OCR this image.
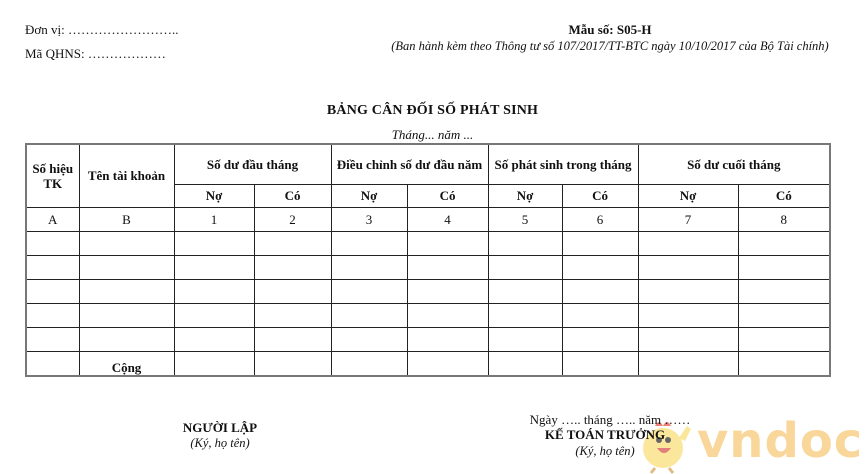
Đơn vị: ……………………..
Mã QHNS: ………………
Mẫu số: S05-H
(Ban hành kèm theo Thông tư số 107/2017/TT-BTC ngày 10/10/2017 của Bộ Tài chính)
BẢNG CÂN ĐỐI SỐ PHÁT SINH
Tháng... năm ...
Số hiệu TK	Tên tài khoản	Số dư đầu tháng		Điều chỉnh số dư đầu năm		Số phát sinh trong tháng		Số dư cuối tháng	
		Nợ	Có	Nợ	Có	Nợ	Có	Nợ	Có
A	B	1	2	3	4	5	6	7	8

	Cộng								
NGƯỜI LẬP
(Ký, họ tên)	vndoc
Ngày ….. tháng ….. năm ……
KẾ TOÁN TRƯỞNG
(Ký, họ tên)
